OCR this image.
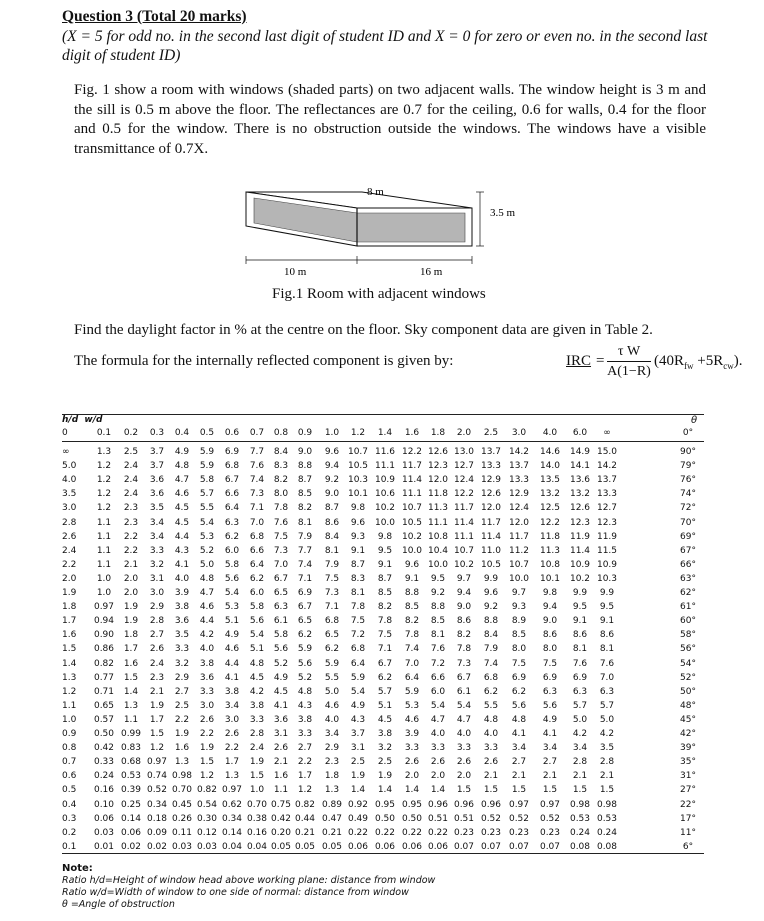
Question 3 (Total 20 marks)
(X = 5 for odd no. in the second last digit of student ID and X = 0 for zero or even no. in the second last digit of student ID)
Fig. 1 show a room with windows (shaded parts) on two adjacent walls. The window height is 3 m and the sill is 0.5 m above the floor. The reflectances are 0.7 for the ceiling, 0.6 for walls, 0.4 for the floor and 0.5 for the window. There is no obstruction outside the windows. The windows have a visible transmittance of 0.7X.
3.5 m
8 m
10 m	16 m
Fig.1 Room with adjacent windows
Find the daylight factor in % at the centre on the floor. Sky component data are given in Table 2.
The formula for the internally reflected component is given by:	IRC = $\frac{\text{τ W}}{A(1-R)} (40R_{fw} +5R_{cw})$.
h/d w/d	θ
0	0.1	0.2	0.3	0.4	0.5	0.6	0.7	0.8	0.9	1.0	1.2	1.4	1.6	1.8	2.0	2.5	3.0	4.0	6.0	∞	0°
∞	1.3	2.5	3.7	4.9	5.9	6.9	7.7	8.4	9.0	9.6 10.7 11.6 12.2 12.6 13.0 13.7 14.2	14.6	14.9 15.0	90°
5.0	1.2	2.4	3.7	4.8	5.9	6.8	7.6	8.3	8.8	9.4 10.5 11.1 11.7 12.3 12.7 13.3 13.7	14.0	14.1 14.2	79°
4.0	1.2	2.4	3.6	4.7	5.8	6.7	7.4	8.2	8.7	9.2 10.3 10.9 11.4 12.0 12.4 12.9 13.3	13.5	13.6 13.7	76°
3.5	1.2	2.4	3.6	4.6	5.7	6.6	7.3	8.0	8.5	9.0 10.1 10.6 11.1 11.8 12.2 12.6 12.9	13.2	13.2 13.3	74°
3.0	1.2	2.3	3.5	4.5	5.5	6.4	7.1	7.8	8.2	8.7	9.8	10.2 10.7 11.3 11.7 12.0 12.4	12.5	12.6 12.7	72°
2.8	1.1	2.3	3.4	4.5	5.4	6.3	7.0	7.6	8.1	8.6	9.6	10.0 10.5 11.1 11.4 11.7 12.0	12.2	12.3 12.3	70°
2.6	1.1	2.2	3.4	4.4	5.3	6.2	6.8	7.5	7.9	8.4	9.3	9.8	10.2 10.8 11.1 11.4 11.7	11.8	11.9 11.9	69°
2.4	1.1	2.2	3.3	4.3	5.2	6.0	6.6	7.3	7.7	8.1	9.1	9.5	10.0 10.4 10.7 11.0 11.2	11.3	11.4 11.5	67°
2.2	1.1	2.1	3.2	4.1	5.0	5.8	6.4	7.0	7.4	7.9	8.7	9.1	9.6 10.0 10.2 10.5 10.7	10.8	10.9 10.9	66°
2.0	1.0	2.0	3.1	4.0	4.8	5.6	6.2	6.7	7.1	7.5	8.3	8.7	9.1	9.5	9.7	9.9	10.0	10.1	10.2 10.3	63°
1.9	1.0	2.0	3.0	3.9	4.7	5.4	6.0	6.5	6.9	7.3	8.1	8.5	8.8	9.2	9.4	9.6	9.7	9.8	9.9	9.9	62°
1.8	0.97	1.9	2.9	3.8	4.6	5.3	5.8	6.3	6.7	7.1	7.8	8.2	8.5	8.8	9.0	9.2	9.3	9.4	9.5	9.5	61°
1.7	0.94	1.9	2.8	3.6	4.4	5.1	5.6	6.1	6.5	6.8	7.5	7.8	8.2	8.5	8.6	8.8	8.9	9.0	9.1	9.1	60°
1.6	0.90	1.8	2.7	3.5	4.2	4.9	5.4	5.8	6.2	6.5	7.2	7.5	7.8	8.1	8.2	8.4	8.5	8.6	8.6	8.6	58°
1.5	0.86	1.7	2.6	3.3	4.0	4.6	5.1	5.6	5.9	6.2	6.8	7.1	7.4	7.6	7.8	7.9	8.0	8.0	8.1	8.1	56°
1.4	0.82	1.6	2.4	3.2	3.8	4.4	4.8	5.2	5.6	5.9	6.4	6.7	7.0	7.2	7.3	7.4	7.5	7.5	7.6	7.6	54°
1.3	0.77	1.5	2.3	2.9	3.6	4.1	4.5	4.9	5.2	5.5	5.9	6.2	6.4	6.6	6.7	6.8	6.9	6.9	6.9	7.0	52°
1.2	0.71	1.4	2.1	2.7	3.3	3.8	4.2	4.5	4.8	5.0	5.4	5.7	5.9	6.0	6.1	6.2	6.2	6.3	6.3	6.3	50°
1.1	0.65	1.3	1.9	2.5	3.0	3.4	3.8	4.1	4.3	4.6	4.9	5.1	5.3	5.4	5.4	5.5	5.6	5.6	5.7	5.7	48°
1.0	0.57	1.1	1.7	2.2	2.6	3.0	3.3	3.6	3.8	4.0	4.3	4.5	4.6	4.7	4.7	4.8	4.8	4.9	5.0	5.0	45°
0.9	0.50 0.99 1.5	1.9	2.2	2.6	2.8	3.1	3.3	3.4	3.7	3.8	3.9	4.0	4.0	4.0	4.1	4.1	4.2	4.2	42°
0.8	0.42 0.83 1.2	1.6	1.9	2.2	2.4	2.6	2.7	2.9	3.1	3.2	3.3	3.3	3.3	3.3	3.4	3.4	3.4	3.5	39°
0.7	0.33 0.68 0.97 1.3	1.5	1.7	1.9	2.1	2.2	2.3	2.5	2.5	2.6	2.6	2.6	2.6	2.7	2.7	2.8	2.8	35°
0.6	0.24 0.53 0.74 0.98 1.2	1.3	1.5	1.6	1.7	1.8	1.9	1.9	2.0	2.0	2.0	2.1	2.1	2.1	2.1	2.1	31°
0.5	0.16 0.39 0.52 0.70 0.82 0.97 1.0	1.1	1.2	1.3	1.4	1.4	1.4	1.4	1.5	1.5	1.5	1.5	1.5	1.5	27°
0.4	0.10 0.25 0.34 0.45 0.54 0.62 0.70 0.75 0.82 0.89 0.92 0.95 0.95 0.96 0.96 0.96 0.97	0.97	0.98 0.98	22°
0.3	0.06 0.14 0.18 0.26 0.30 0.34 0.38 0.42 0.44 0.47 0.49 0.50 0.50 0.51 0.51 0.52 0.52	0.52	0.53 0.53	17°
0.2	0.03 0.06 0.09 0.11 0.12 0.14 0.16 0.20 0.21 0.21 0.22 0.22 0.22 0.22 0.23 0.23 0.23	0.23	0.24 0.24	11°
0.1	0.01 0.02 0.02 0.03 0.03 0.04 0.04 0.05 0.05 0.05 0.06 0.06 0.06 0.06 0.07 0.07 0.07	0.07	0.08 0.08	6°
Note:
Ratio h/d=Height of window head above working plane: distance from window
Ratio w/d=Width of window to one side of normal: distance from window
θ =Angle of obstruction
